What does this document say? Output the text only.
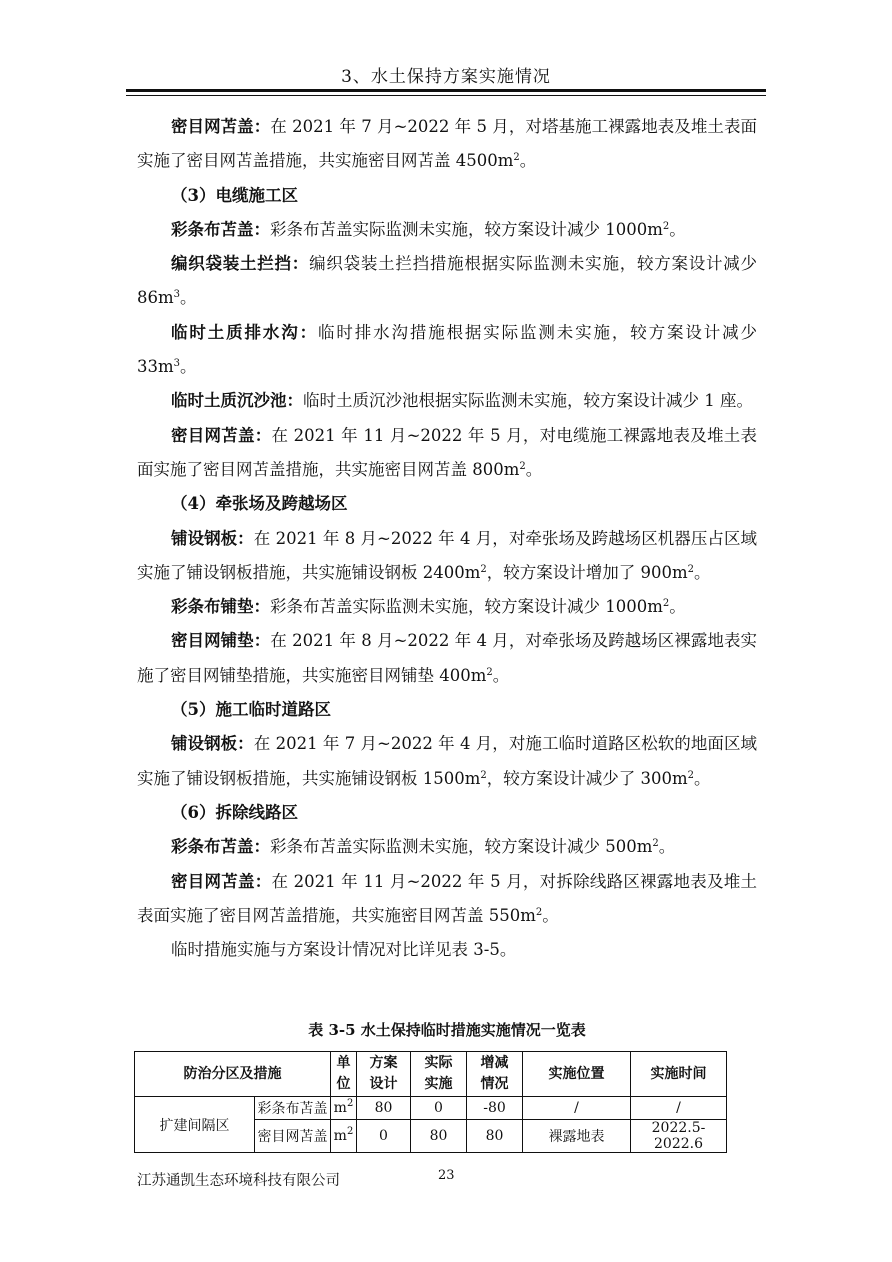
3、水土保持方案实施情况

密目网苫盖：在 2021 年 7 月~2022 年 5 月，对塔基施工裸露地表及堆土表面实施了密目网苫盖措施，共实施密目网苫盖 $4500m^2$。

（3）电缆施工区

彩条布苫盖：彩条布苫盖实际监测未实施，较方案设计减少 $1000m^2$。

编织袋装土拦挡：编织袋装土拦挡措施根据实际监测未实施，较方案设计减少 $86m^3$。

临时土质排水沟：临时排水沟措施根据实际监测未实施，较方案设计减少 $33m^3$。

临时土质沉沙池：临时土质沉沙池根据实际监测未实施，较方案设计减少 1 座。

密目网苫盖：在 2021 年 11 月~2022 年 5 月，对电缆施工裸露地表及堆土表面实施了密目网苫盖措施，共实施密目网苫盖 $800m^2$。

（4）牵张场及跨越场区

铺设钢板：在 2021 年 8 月~2022 年 4 月，对牵张场及跨越场区机器压占区域实施了铺设钢板措施，共实施铺设钢板 $2400m^2$，较方案设计增加了 $900m^2$。

彩条布铺垫：彩条布苫盖实际监测未实施，较方案设计减少 $1000m^2$。

密目网铺垫：在 2021 年 8 月~2022 年 4 月，对牵张场及跨越场区裸露地表实施了密目网铺垫措施，共实施密目网铺垫 $400m^2$。

（5）施工临时道路区

铺设钢板：在 2021 年 7 月~2022 年 4 月，对施工临时道路区松软的地面区域实施了铺设钢板措施，共实施铺设钢板 $1500m^2$，较方案设计减少了 $300m^2$。

（6）拆除线路区

彩条布苫盖：彩条布苫盖实际监测未实施，较方案设计减少 $500m^2$。

密目网苫盖：在 2021 年 11 月~2022 年 5 月，对拆除线路区裸露地表及堆土表面实施了密目网苫盖措施，共实施密目网苫盖 $550m^2$。

临时措施实施与方案设计情况对比详见表 3-5。

表 3-5 水土保持临时措施实施情况一览表
防治分区及措施		单位	方案设计	实际实施	增减情况	实施位置	实施时间
扩建间隔区	彩条布苫盖	$m^2$	80	0	-80	/	/
	密目网苫盖	$m^2$	0	80	80	裸露地表	2022.5-2022.6
江苏通凯生态环境科技有限公司	23
